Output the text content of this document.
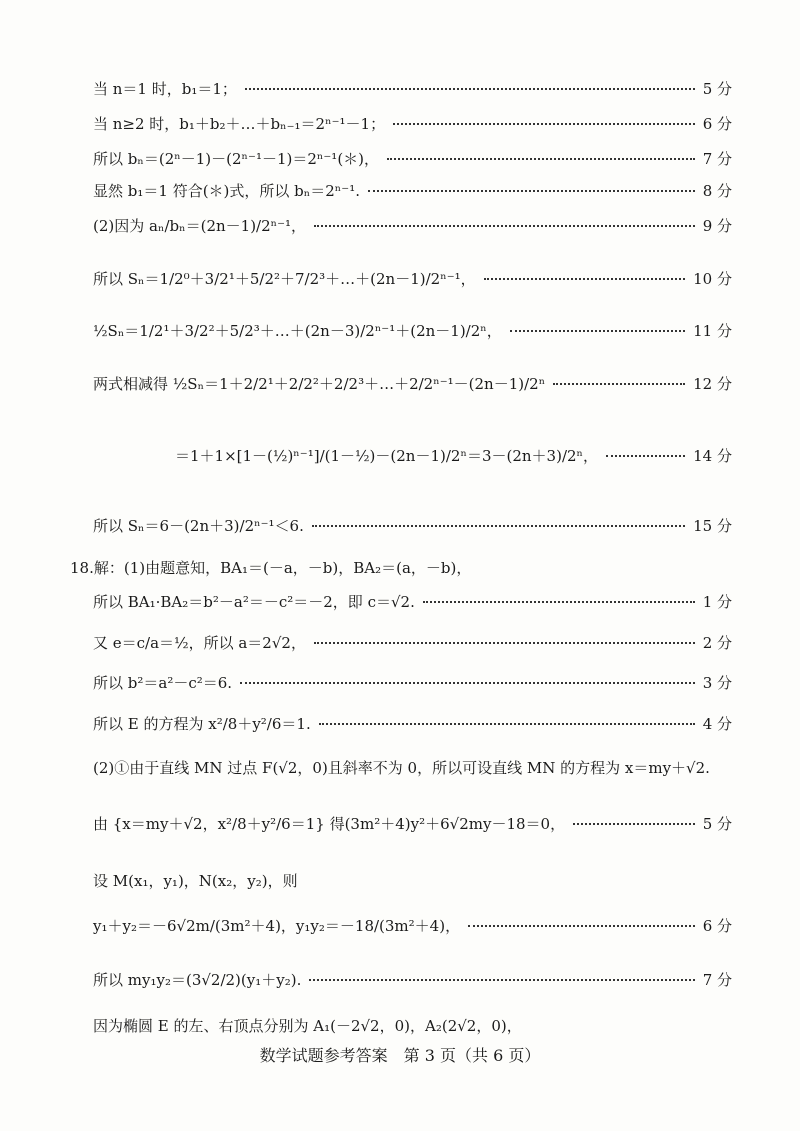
当 n＝1 时，b₁＝1；	5 分
当 n≥2 时，b₁＋b₂＋…＋bₙ₋₁＝2ⁿ⁻¹－1；	6 分
所以 bₙ＝(2ⁿ－1)－(2ⁿ⁻¹－1)＝2ⁿ⁻¹(＊)，	7 分
显然 b₁＝1 符合(＊)式，所以 bₙ＝2ⁿ⁻¹.	8 分
(2)因为 aₙ/bₙ＝(2n－1)/2ⁿ⁻¹，	9 分
所以 Sₙ＝1/2⁰＋3/2¹＋5/2²＋7/2³＋…＋(2n－1)/2ⁿ⁻¹，	10 分
½Sₙ＝1/2¹＋3/2²＋5/2³＋…＋(2n－3)/2ⁿ⁻¹＋(2n－1)/2ⁿ，	11 分
两式相减得 ½Sₙ＝1＋2/2¹＋2/2²＋2/2³＋…＋2/2ⁿ⁻¹－(2n－1)/2ⁿ	12 分
＝1＋1×[1－(½)ⁿ⁻¹]/(1－½)－(2n－1)/2ⁿ＝3－(2n＋3)/2ⁿ，	14 分
所以 Sₙ＝6－(2n＋3)/2ⁿ⁻¹＜6.	15 分
18.解：(1)由题意知，BA₁＝(－a，－b)，BA₂＝(a，－b)，
所以 BA₁·BA₂＝b²－a²＝－c²＝－2，即 c＝√2.	1 分
又 e＝c/a＝½，所以 a＝2√2，	2 分
所以 b²＝a²－c²＝6.	3 分
所以 E 的方程为 x²/8＋y²/6＝1.	4 分
(2)①由于直线 MN 过点 F(√2，0)且斜率不为 0，所以可设直线 MN 的方程为 x＝my＋√2.
由 {x＝my＋√2，x²/8＋y²/6＝1} 得(3m²＋4)y²＋6√2my－18＝0，	5 分
设 M(x₁，y₁)，N(x₂，y₂)，则
y₁＋y₂＝－6√2m/(3m²＋4)，y₁y₂＝－18/(3m²＋4)，	6 分
所以 my₁y₂＝(3√2/2)(y₁＋y₂).	7 分
因为椭圆 E 的左、右顶点分别为 A₁(－2√2，0)，A₂(2√2，0)，
数学试题参考答案　第 3 页（共 6 页）
